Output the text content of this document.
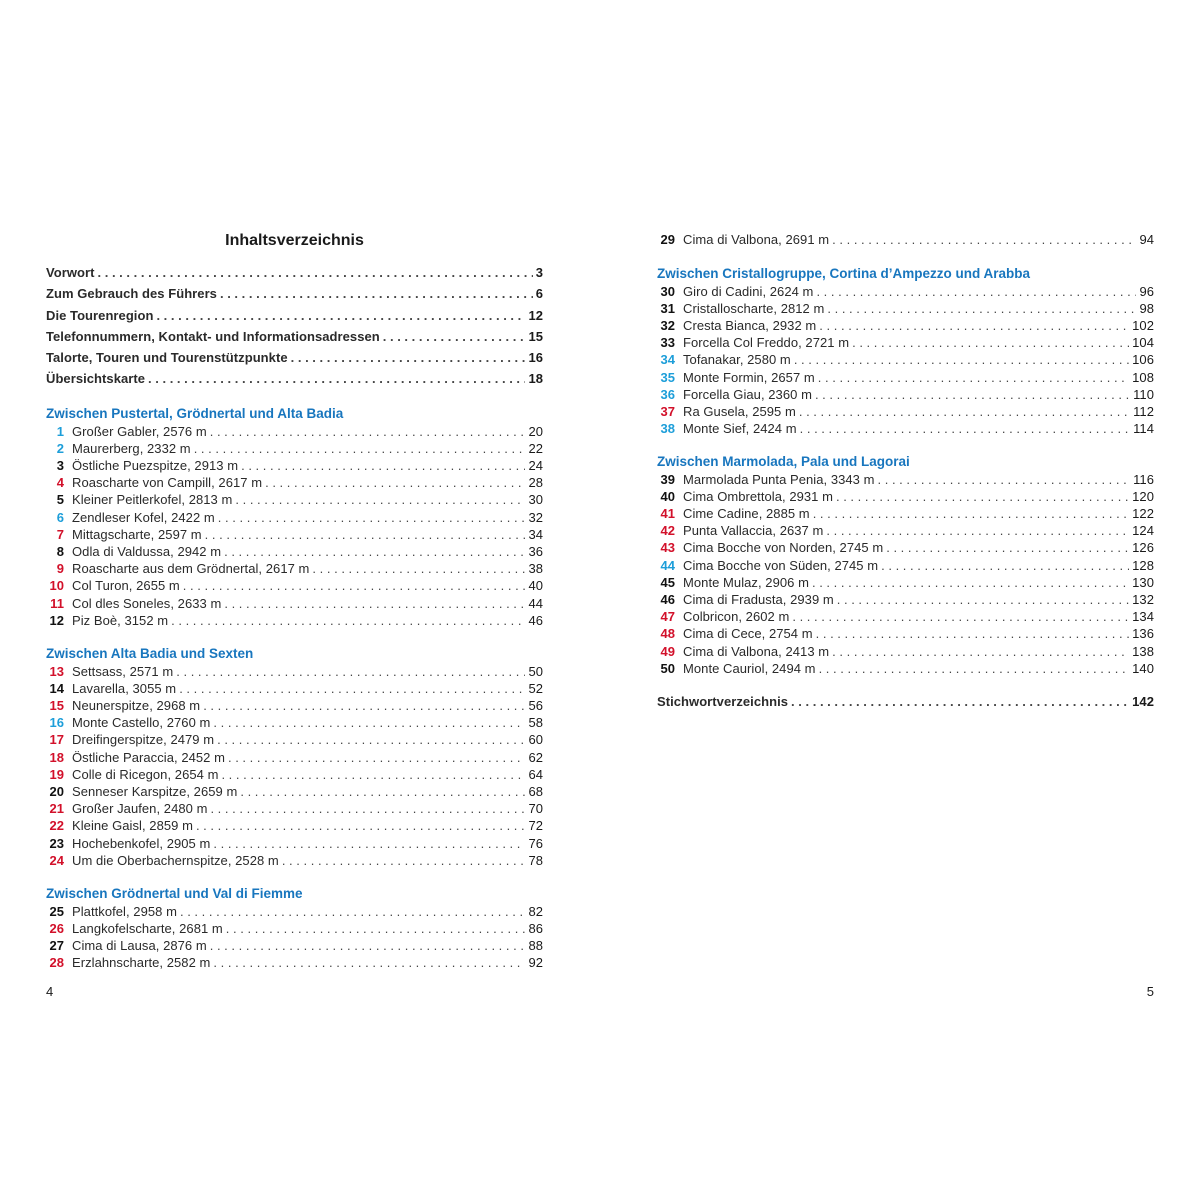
Inhaltsverzeichnis
Vorwort . . .	3
Zum Gebrauch des Führers . . .	6
Die Tourenregion . . .	12
Telefonnummern, Kontakt- und Informationsadressen . . .	15
Talorte, Touren und Tourenstützpunkte . . .	16
Übersichtskarte . . .	18
Zwischen Pustertal, Grödnertal und Alta Badia
1 Großer Gabler, 2576 m . . .	20
2 Maurerberg, 2332 m . . .	22
3 Östliche Puezspitze, 2913 m . . .	24
4 Roascharte von Campill, 2617 m . . .	28
5 Kleiner Peitlerkofel, 2813 m . . .	30
6 Zendleser Kofel, 2422 m . . .	32
7 Mittagscharte, 2597 m . . .	34
8 Odla di Valdussa, 2942 m . . .	36
9 Roascharte aus dem Grödnertal, 2617 m . . .	38
10 Col Turon, 2655 m . . .	40
11 Col dles Soneles, 2633 m . . .	44
12 Piz Boè, 3152 m . . .	46
Zwischen Alta Badia und Sexten
13 Settsass, 2571 m . . .	50
14 Lavarella, 3055 m . . .	52
15 Neunerspitze, 2968 m . . .	56
16 Monte Castello, 2760 m . . .	58
17 Dreifingerspitze, 2479 m . . .	60
18 Östliche Paraccia, 2452 m . . .	62
19 Colle di Ricegon, 2654 m . . .	64
20 Senneser Karspitze, 2659 m . . .	68
21 Großer Jaufen, 2480 m . . .	70
22 Kleine Gaisl, 2859 m . . .	72
23 Hochebenkofel, 2905 m . . .	76
24 Um die Oberbachernspitze, 2528 m . . .	78
Zwischen Grödnertal und Val di Fiemme
25 Plattkofel, 2958 m . . .	82
26 Langkofelscharte, 2681 m . . .	86
27 Cima di Lausa, 2876 m . . .	88
28 Erzlahnscharte, 2582 m . . .	92
4
29 Cima di Valbona, 2691 m . . .	94
Zwischen Cristallogruppe, Cortina d’Ampezzo und Arabba
30 Giro di Cadini, 2624 m . . .	96
31 Cristalloscharte, 2812 m . . .	98
32 Cresta Bianca, 2932 m . . .	102
33 Forcella Col Freddo, 2721 m . . .	104
34 Tofanakar, 2580 m . . .	106
35 Monte Formin, 2657 m . . .	108
36 Forcella Giau, 2360 m . . .	110
37 Ra Gusela, 2595 m . . .	112
38 Monte Sief, 2424 m . . .	114
Zwischen Marmolada, Pala und Lagorai
39 Marmolada Punta Penia, 3343 m . . .	116
40 Cima Ombrettola, 2931 m . . .	120
41 Cime Cadine, 2885 m . . .	122
42 Punta Vallaccia, 2637 m . . .	124
43 Cima Bocche von Norden, 2745 m . . .	126
44 Cima Bocche von Süden, 2745 m . . .	128
45 Monte Mulaz, 2906 m . . .	130
46 Cima di Fradusta, 2939 m . . .	132
47 Colbricon, 2602 m . . .	134
48 Cima di Cece, 2754 m . . .	136
49 Cima di Valbona, 2413 m . . .	138
50 Monte Cauriol, 2494 m . . .	140
Stichwortverzeichnis . . .	142
5
